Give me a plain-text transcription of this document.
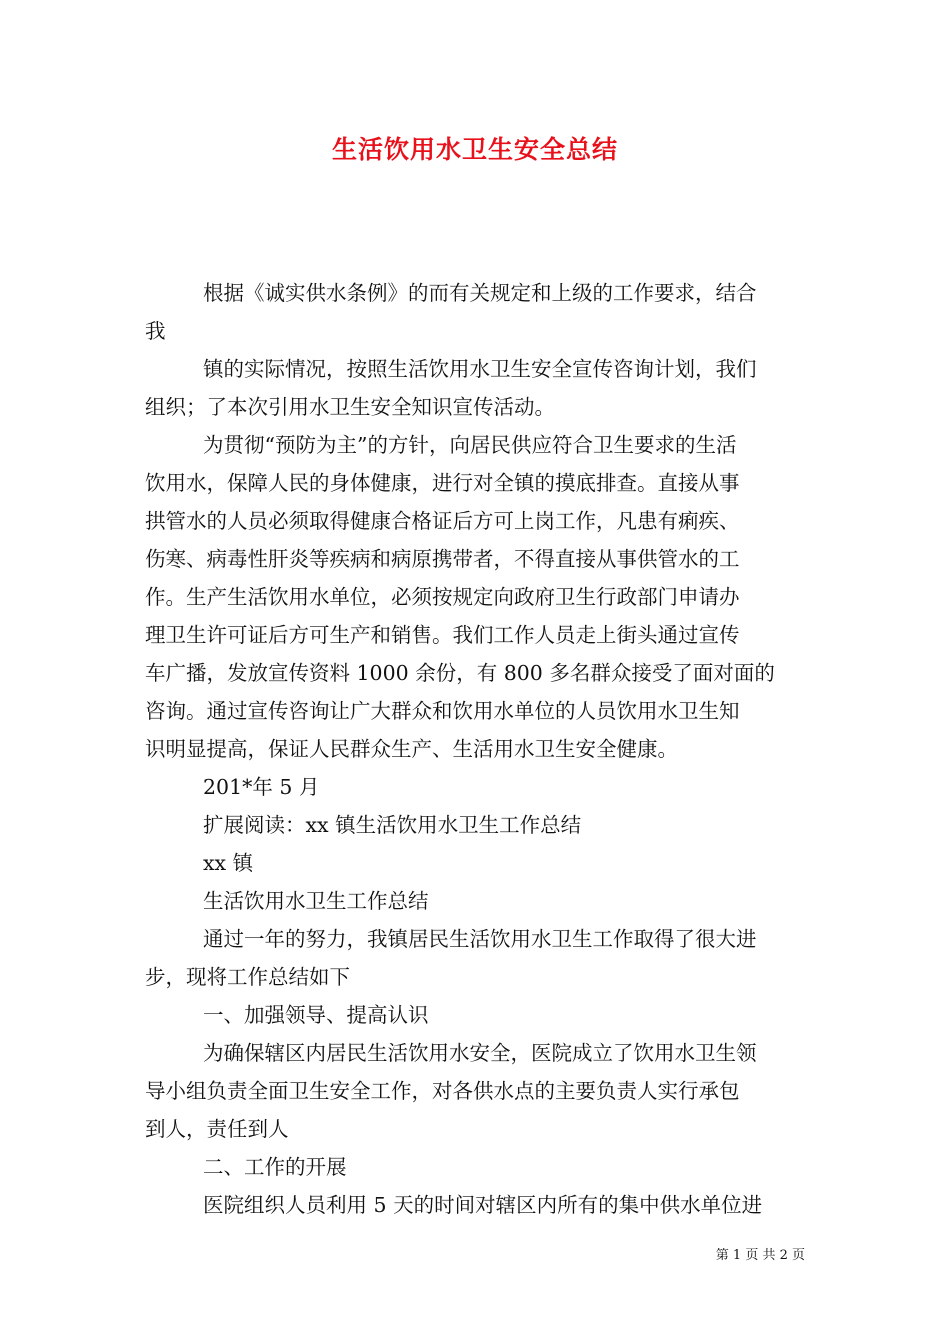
生活饮用水卫生安全总结
根据《诚实供水条例》的而有关规定和上级的工作要求，结合
我
镇的实际情况，按照生活饮用水卫生安全宣传咨询计划，我们
组织；了本次引用水卫生安全知识宣传活动。
为贯彻“预防为主”的方针，向居民供应符合卫生要求的生活
饮用水，保障人民的身体健康，进行对全镇的摸底排查。直接从事
拱管水的人员必须取得健康合格证后方可上岗工作，凡患有痢疾、
伤寒、病毒性肝炎等疾病和病原携带者，不得直接从事供管水的工
作。生产生活饮用水单位，必须按规定向政府卫生行政部门申请办
理卫生许可证后方可生产和销售。我们工作人员走上街头通过宣传
车广播，发放宣传资料 1000 余份，有 800 多名群众接受了面对面的
咨询。通过宣传咨询让广大群众和饮用水单位的人员饮用水卫生知
识明显提高，保证人民群众生产、生活用水卫生安全健康。
201*年 5 月
扩展阅读：xx 镇生活饮用水卫生工作总结
xx 镇
生活饮用水卫生工作总结
通过一年的努力，我镇居民生活饮用水卫生工作取得了很大进
步，现将工作总结如下
一、加强领导、提高认识
为确保辖区内居民生活饮用水安全，医院成立了饮用水卫生领
导小组负责全面卫生安全工作，对各供水点的主要负责人实行承包
到人，责任到人
二、工作的开展
医院组织人员利用 5 天的时间对辖区内所有的集中供水单位进
第 1 页 共 2 页
